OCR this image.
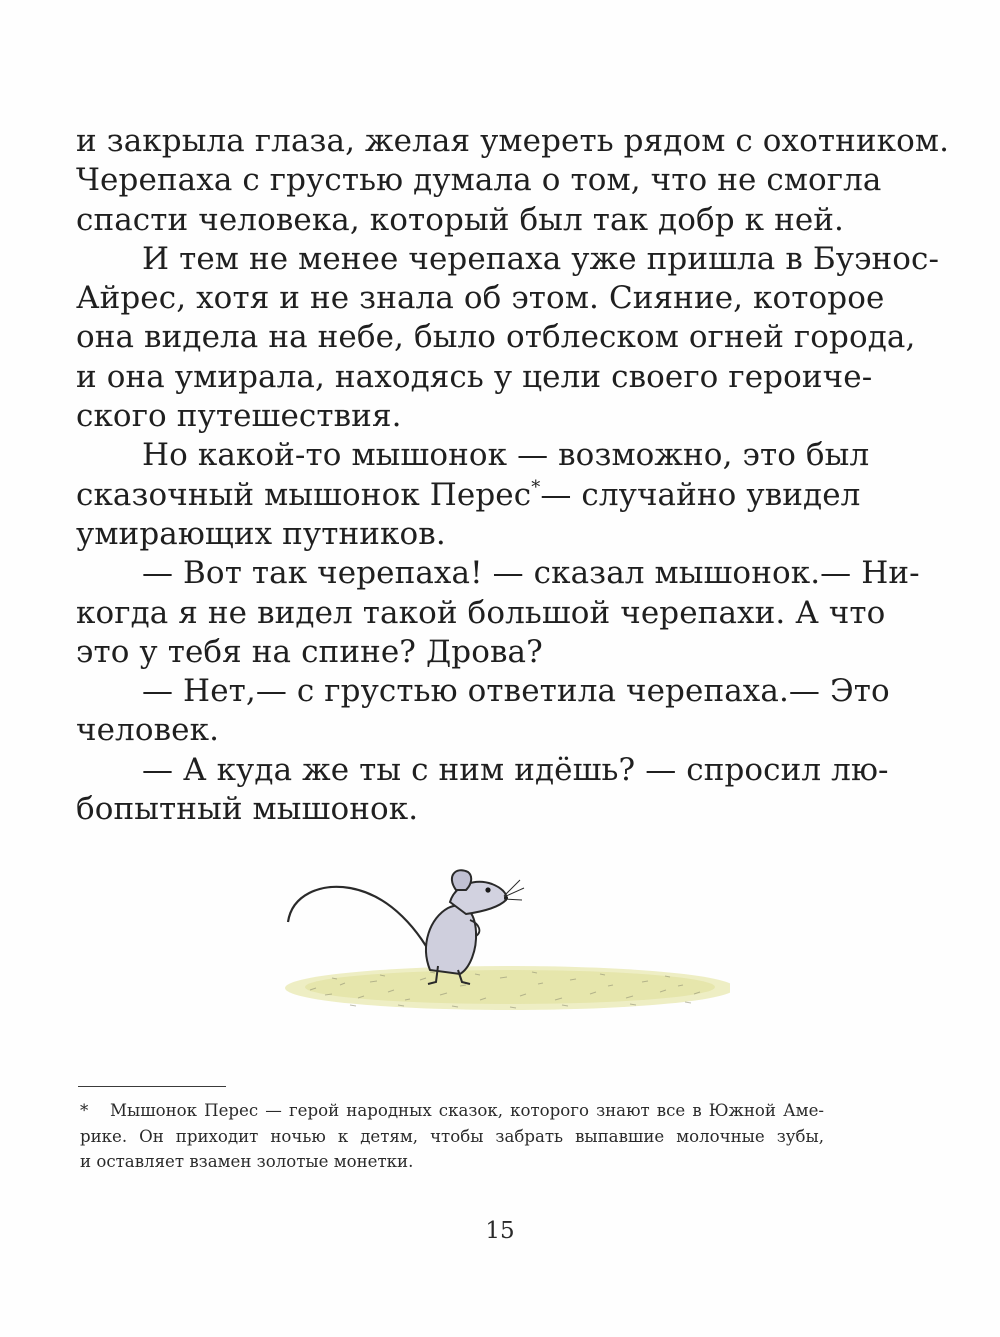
и закрыла глаза, желая умереть рядом с охотником.
Черепаха с грустью думала о том, что не смогла
спасти человека, который был так добр к ней.
И тем не менее черепаха уже пришла в Буэнос-
Айрес, хотя и не знала об этом. Сияние, которое
она видела на небе, было отблеском огней города,
и она умирала, находясь у цели своего героиче-
ского путешествия.
Но какой-то мышонок — возможно, это был
сказочный мышонок Перес*— случайно увидел
умирающих путников.
— Вот так черепаха! — сказал мышонок.— Ни-
когда я не видел такой большой черепахи. А что
это у тебя на спине? Дрова?
— Нет,— с грустью ответила черепаха.— Это
человек.
— А куда же ты с ним идёшь? — спросил лю-
бопытный мышонок.
* Мышонок Перес — герой народных сказок, которого знают все в Южной Аме-
рике. Он приходит ночью к детям, чтобы забрать выпавшие молочные зубы,
и оставляет взамен золотые монетки.
15
